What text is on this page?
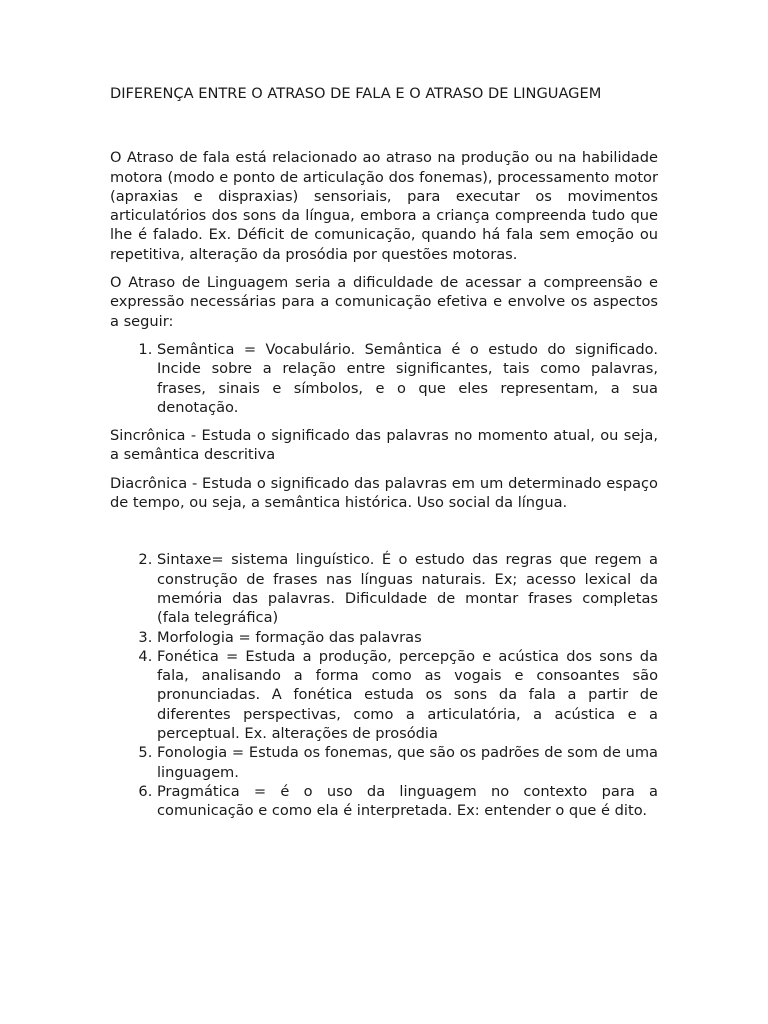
DIFERENÇA ENTRE O ATRASO DE FALA E O ATRASO DE LINGUAGEM

O Atraso de fala está relacionado ao atraso na produção ou na habilidade motora (modo e ponto de articulação dos fonemas), processamento motor (apraxias e dispraxias) sensoriais, para executar os movimentos articulatórios dos sons da língua, embora a criança compreenda tudo que lhe é falado. Ex. Déficit de comunicação, quando há fala sem emoção ou repetitiva, alteração da prosódia por questões motoras.

O Atraso de Linguagem seria a dificuldade de acessar a compreensão e expressão necessárias para a comunicação efetiva e envolve os aspectos a seguir:

1. Semântica = Vocabulário. Semântica é o estudo do significado. Incide sobre a relação entre significantes, tais como palavras, frases, sinais e símbolos, e o que eles representam, a sua denotação.

Sincrônica - Estuda o significado das palavras no momento atual, ou seja, a semântica descritiva

Diacrônica - Estuda o significado das palavras em um determinado espaço de tempo, ou seja, a semântica histórica. Uso social da língua.

2. Sintaxe= sistema linguístico. É o estudo das regras que regem a construção de frases nas línguas naturais. Ex; acesso lexical da memória das palavras. Dificuldade de montar frases completas (fala telegráfica)
3. Morfologia = formação das palavras
4. Fonética = Estuda a produção, percepção e acústica dos sons da fala, analisando a forma como as vogais e consoantes são pronunciadas. A fonética estuda os sons da fala a partir de diferentes perspectivas, como a articulatória, a acústica e a perceptual. Ex. alterações de prosódia
5. Fonologia = Estuda os fonemas, que são os padrões de som de uma linguagem.
6. Pragmática = é o uso da linguagem no contexto para a comunicação e como ela é interpretada. Ex: entender o que é dito.
